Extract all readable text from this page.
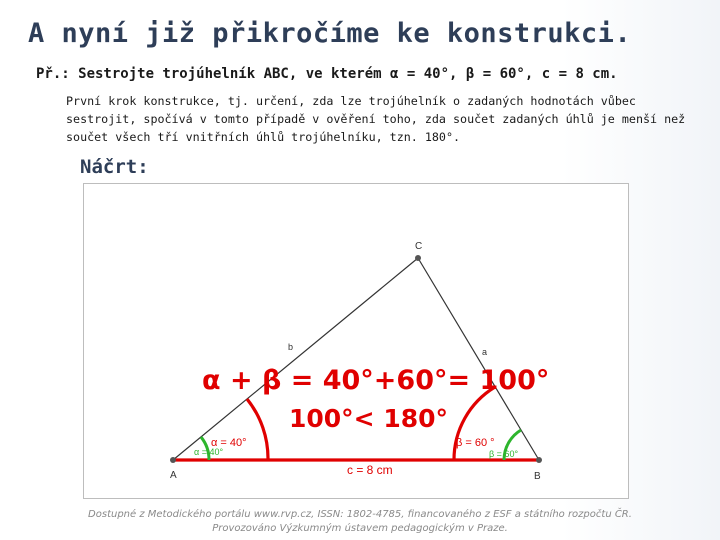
A nyní již přikročíme ke konstrukci.
Př.: Sestrojte trojúhelník ABC, ve kterém α = 40°, β = 60°, c = 8 cm.
První krok konstrukce, tj. určení, zda lze trojúhelník o zadaných hodnotách vůbec sestrojit, spočívá v tomto případě v ověření toho, zda součet zadaných úhlů je menší než součet všech tří vnitřních úhlů trojúhelníku, tzn. 180°.
Náčrt:
A	B
C
b	a
α = 40°	β = 60°
α = 40°	β = 60 °
c = 8 cm
α + β = 40°+60°= 100°
100°< 180°
Dostupné z Metodického portálu www.rvp.cz, ISSN: 1802-4785, financovaného z ESF a státního rozpočtu ČR.
Provozováno Výzkumným ústavem pedagogickým v Praze.
